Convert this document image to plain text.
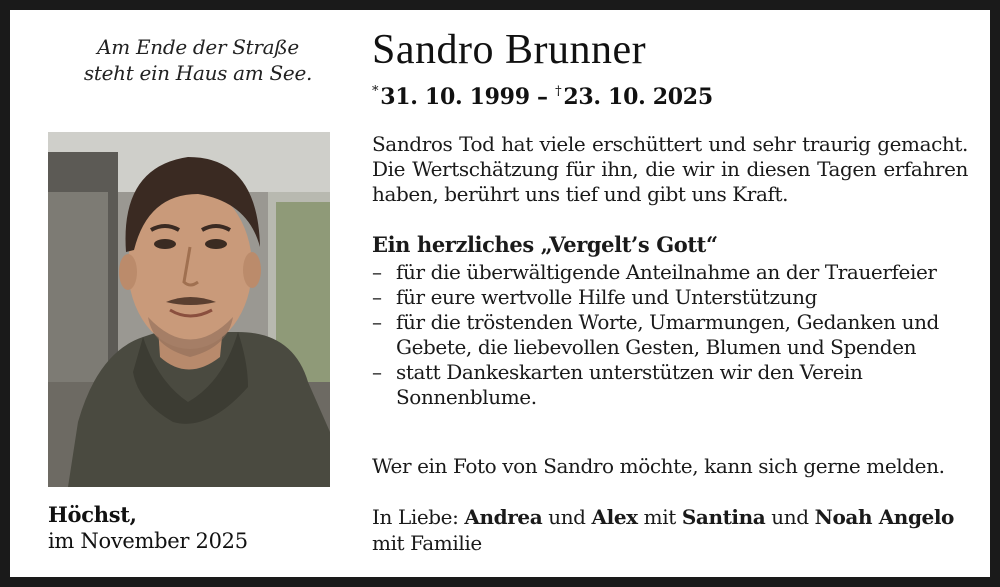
Am Ende der Straße
steht ein Haus am See.
Höchst,
im November 2025
Sandro Brunner
*31. 10. 1999 – †23. 10. 2025
Sandros Tod hat viele erschüttert und sehr traurig gemacht. Die Wertschätzung für ihn, die wir in diesen Tagen erfahren haben, berührt uns tief und gibt uns Kraft.
Ein herzliches „Vergelt’s Gott“
– für die überwältigende Anteilnahme an der Trauerfeier
– für eure wertvolle Hilfe und Unterstützung
– für die tröstenden Worte, Umarmungen, Gedanken und Gebete, die liebevollen Gesten, Blumen und Spenden
– statt Dankeskarten unterstützen wir den Verein Sonnenblume.
Wer ein Foto von Sandro möchte, kann sich gerne melden.
In Liebe: Andrea und Alex mit Santina und Noah Angelo mit Familie
